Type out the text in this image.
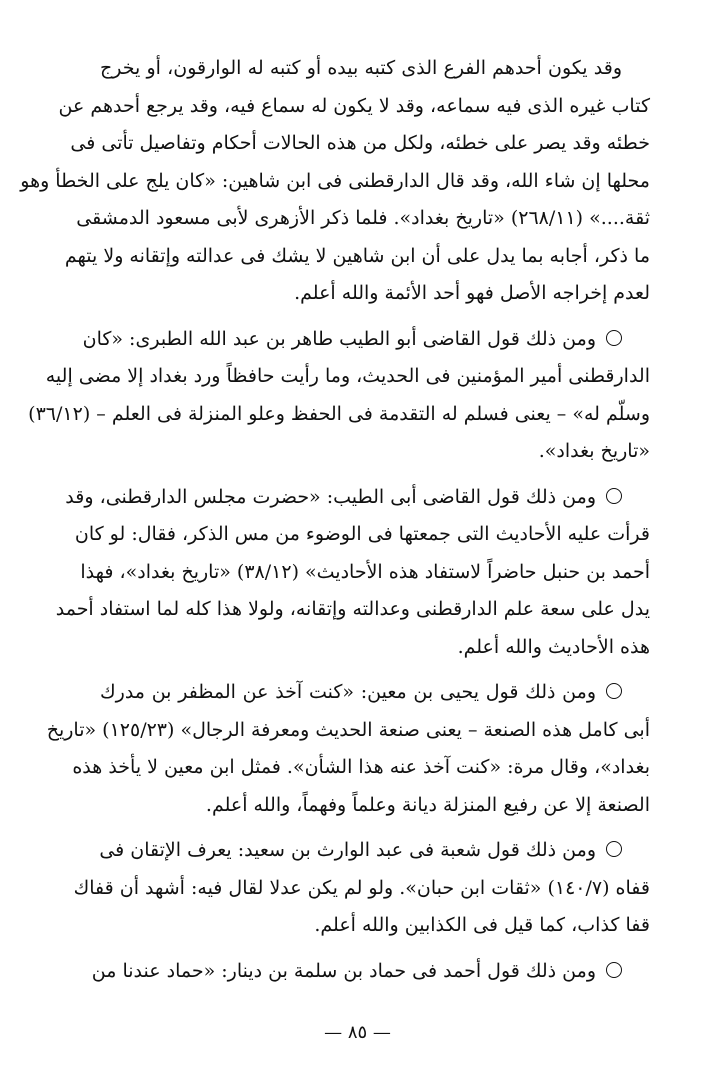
وقد يكون أحدهم الفرع الذى كتبه بيده أو كتبه له الوارقون، أو يخرج
كتاب غيره الذى فيه سماعه، وقد لا يكون له سماع فيه، وقد يرجع أحدهم عن
خطئه وقد يصر على خطئه، ولكل من هذه الحالات أحكام وتفاصيل تأتى فى
محلها إن شاء الله، وقد قال الدارقطنى فى ابن شاهين: «كان يلج على الخطأ وهو
ثقة....» (٢٦٨/١١) «تاريخ بغداد». فلما ذكر الأزهرى لأبى مسعود الدمشقى
ما ذكر، أجابه بما يدل على أن ابن شاهين لا يشك فى عدالته وإتقانه ولا يتهم
لعدم إخراجه الأصل فهو أحد الأئمة والله أعلم.
ومن ذلك قول القاضى أبو الطيب طاهر بن عبد الله الطبرى: «كان
الدارقطنى أمير المؤمنين فى الحديث، وما رأيت حافظاً ورد بغداد إلا مضى إليه
وسلّم له» – يعنى فسلم له التقدمة فى الحفظ وعلو المنزلة فى العلم – (٣٦/١٢)
«تاريخ بغداد».
ومن ذلك قول القاضى أبى الطيب: «حضرت مجلس الدارقطنى، وقد
قرأت عليه الأحاديث التى جمعتها فى الوضوء من مس الذكر، فقال: لو كان
أحمد بن حنبل حاضراً لاستفاد هذه الأحاديث» (٣٨/١٢) «تاريخ بغداد»، فهذا
يدل على سعة علم الدارقطنى وعدالته وإتقانه، ولولا هذا كله لما استفاد أحمد
هذه الأحاديث والله أعلم.
ومن ذلك قول يحيى بن معين: «كنت آخذ عن المظفر بن مدرك
أبى كامل هذه الصنعة – يعنى صنعة الحديث ومعرفة الرجال» (١٢٥/٢٣) «تاريخ
بغداد»، وقال مرة: «كنت آخذ عنه هذا الشأن». فمثل ابن معين لا يأخذ هذه
الصنعة إلا عن رفيع المنزلة ديانة وعلماً وفهماً، والله أعلم.
ومن ذلك قول شعبة فى عبد الوارث بن سعيد: يعرف الإتقان فى
قفاه (١٤٠/٧) «ثقات ابن حبان». ولو لم يكن عدلا لقال فيه: أشهد أن قفاك
قفا كذاب، كما قيل فى الكذابين والله أعلم.
ومن ذلك قول أحمد فى حماد بن سلمة بن دينار: «حماد عندنا من
— ٨٥ —
